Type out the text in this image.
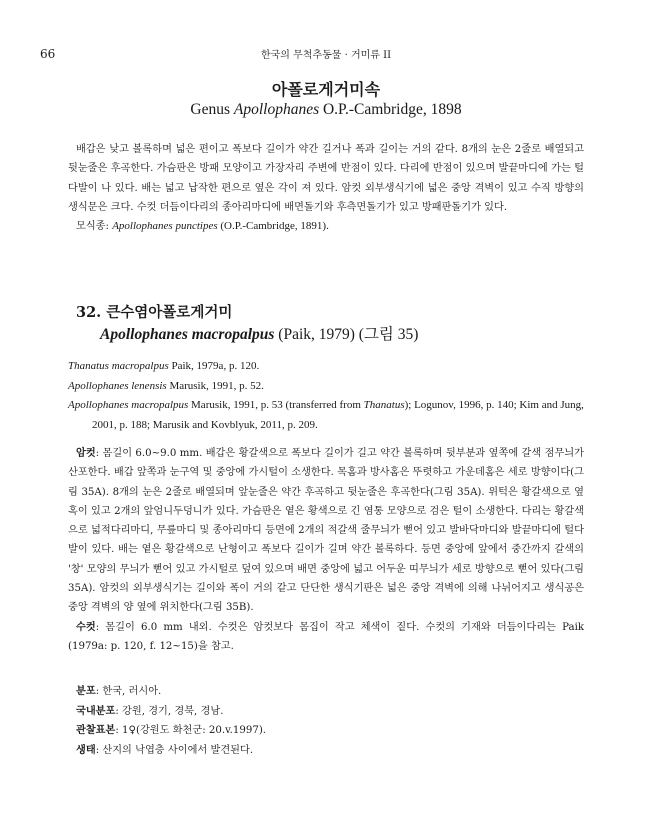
66	한국의 무척추동물 · 거미류 II
아폴로게거미속
Genus Apollophanes O.P.-Cambridge, 1898

배갑은 낮고 볼록하며 넓은 편이고 폭보다 길이가 약간 길거나 폭과 길이는 거의 같다. 8개의 눈은 2줄로 배열되고 뒷눈줄은 후곡한다. 가슴판은 방패 모양이고 가장자리 주변에 반점이 있다. 다리에 반점이 있으며 발끝마디에 가는 털다발이 나 있다. 배는 넓고 납작한 편으로 옆은 각이 져 있다. 암컷 외부생식기에 넓은 중앙 격벽이 있고 수직 방향의 생식문은 크다. 수컷 더듬이다리의 종아리마디에 배면돌기와 후측면돌기가 있고 방패판돌기가 있다.

모식종: Apollophanes punctipes (O.P.-Cambridge, 1891).

32. 큰수염아폴로게거미
Apollophanes macropalpus (Paik, 1979) (그림 35)
Thanatus macropalpus Paik, 1979a, p. 120.
Apollophanes lenensis Marusik, 1991, p. 52.
Apollophanes macropalpus Marusik, 1991, p. 53 (transferred from Thanatus); Logunov, 1996, p. 140; Kim and Jung, 2001, p. 188; Marusik and Kovblyuk, 2011, p. 209.

암컷: 몸길이 6.0~9.0 mm. 배갑은 황갈색으로 폭보다 길이가 길고 약간 볼록하며 뒷부분과 옆쪽에 갈색 점무늬가 산포한다. 배갑 앞쪽과 눈구역 및 중앙에 가시털이 소생한다. 목홈과 방사홈은 뚜렷하고 가운데홈은 세로 방향이다(그림 35A). 8개의 눈은 2줄로 배열되며 앞눈줄은 약간 후곡하고 뒷눈줄은 후곡한다(그림 35A). 위턱은 황갈색으로 옆혹이 있고 2개의 앞엄니두덩니가 있다. 가슴판은 옅은 황색으로 긴 염통 모양으로 검은 털이 소생한다. 다리는 황갈색으로 넓적다리마디, 무릎마디 및 종아리마디 등면에 2개의 적갈색 줄무늬가 뻗어 있고 발바닥마디와 발끝마디에 털다발이 있다. 배는 옅은 황갈색으로 난형이고 폭보다 길이가 길며 약간 볼록하다. 등면 중앙에 앞에서 중간까지 갈색의 '창' 모양의 무늬가 뻗어 있고 가시털로 덮여 있으며 배면 중앙에 넓고 어두운 띠무늬가 세로 방향으로 뻗어 있다(그림 35A). 암컷의 외부생식기는 길이와 폭이 거의 같고 단단한 생식기판은 넓은 중앙 격벽에 의해 나뉘어지고 생식공은 중앙 격벽의 양 옆에 위치한다(그림 35B).

수컷: 몸길이 6.0 mm 내외. 수컷은 암컷보다 몸집이 작고 체색이 짙다. 수컷의 기재와 더듬이다리는 Paik (1979a: p. 120, f. 12~15)을 참고.

분포: 한국, 러시아.
국내분포: 강원, 경기, 경북, 경남.
관찰표본: 1♀(강원도 화천군: 20.v.1997).
생태: 산지의 낙엽층 사이에서 발견된다.
